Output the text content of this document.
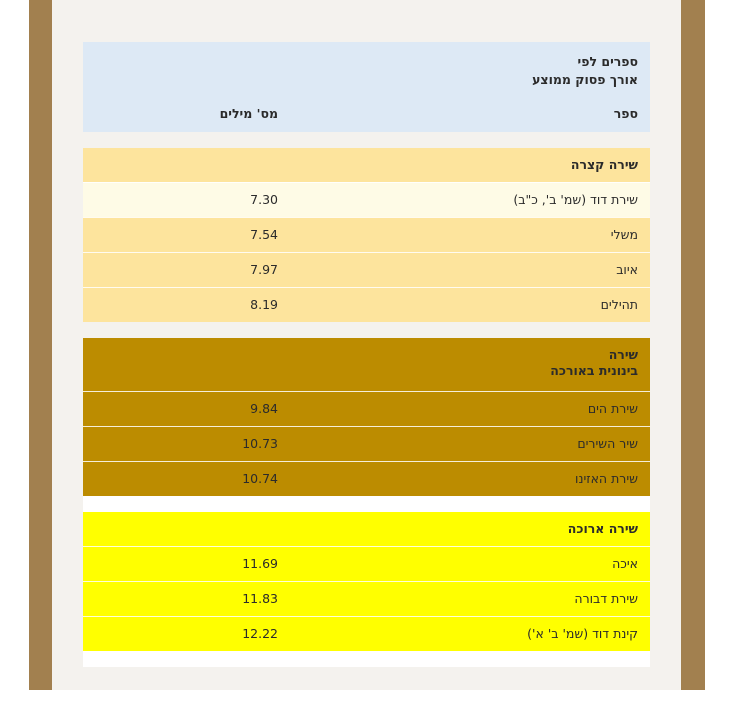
ספרים לפי
אורך פסוק ממוצע
ספר
מס' מילים
שירה קצרה
שירת דוד (שמ' ב', כ"ב)
7.30
משלי
7.54
איוב
7.97
תהילים
8.19
שירה
בינונית באורכה
שירת הים
9.84
שיר השירים
10.73
שירת האזינו
10.74
שירה ארוכה
איכה
11.69
שירת דבורה
11.83
קינת דוד (שמ' ב' א')
12.22
